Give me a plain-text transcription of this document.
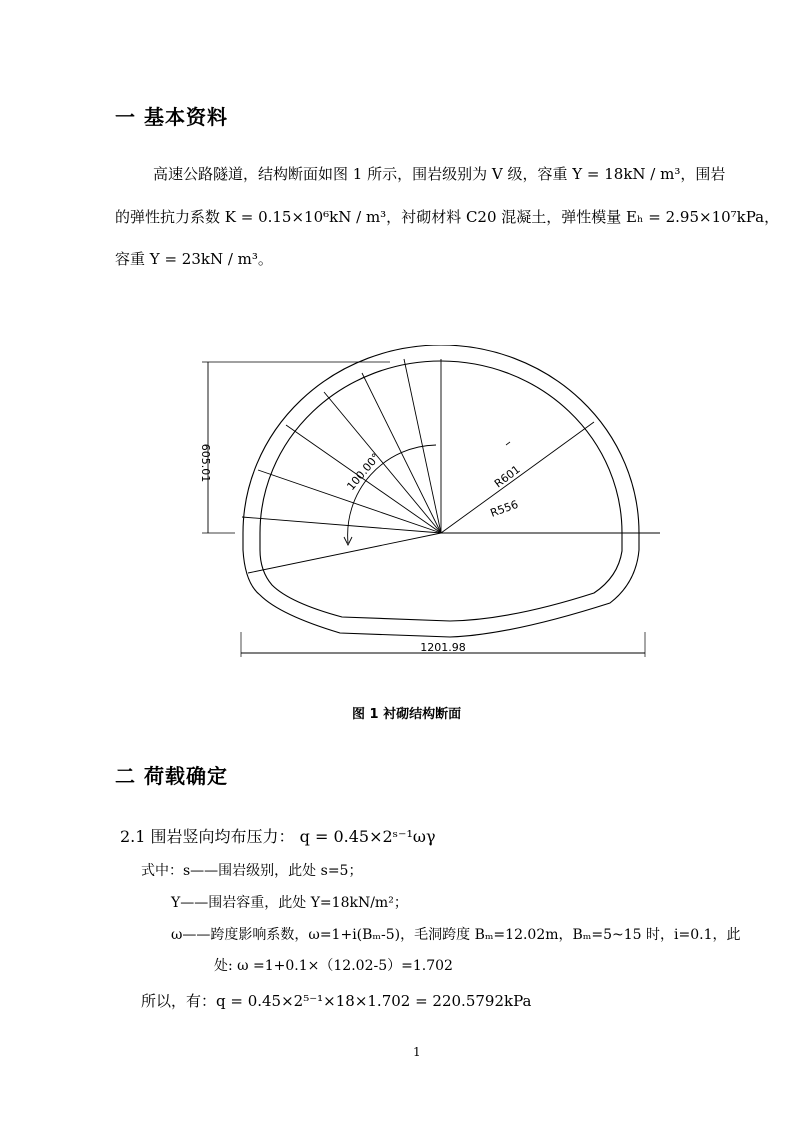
一 基本资料
高速公路隧道，结构断面如图 1 所示，围岩级别为 V 级，容重 Υ = 18kN / m³，围岩
的弹性抗力系数 K = 0.15×10⁶kN / m³，衬砌材料 C20 混凝土，弹性模量 Eₕ = 2.95×10⁷kPa，
容重 Υ = 23kN / m³。
605.01
1201.98
100.00°	R601
R556
图 1 衬砌结构断面
二 荷载确定
2.1 围岩竖向均布压力： q = 0.45×2ˢ⁻¹ωγ
式中：s——围岩级别，此处 s=5；
Υ——围岩容重，此处 Υ=18kN/m²；
ω——跨度影响系数，ω=1+i(Bₘ-5)，毛洞跨度 Bₘ=12.02m，Bₘ=5~15 时，i=0.1，此
处: ω =1+0.1×（12.02-5）=1.702
所以，有：q = 0.45×2⁵⁻¹×18×1.702 = 220.5792kPa
1
